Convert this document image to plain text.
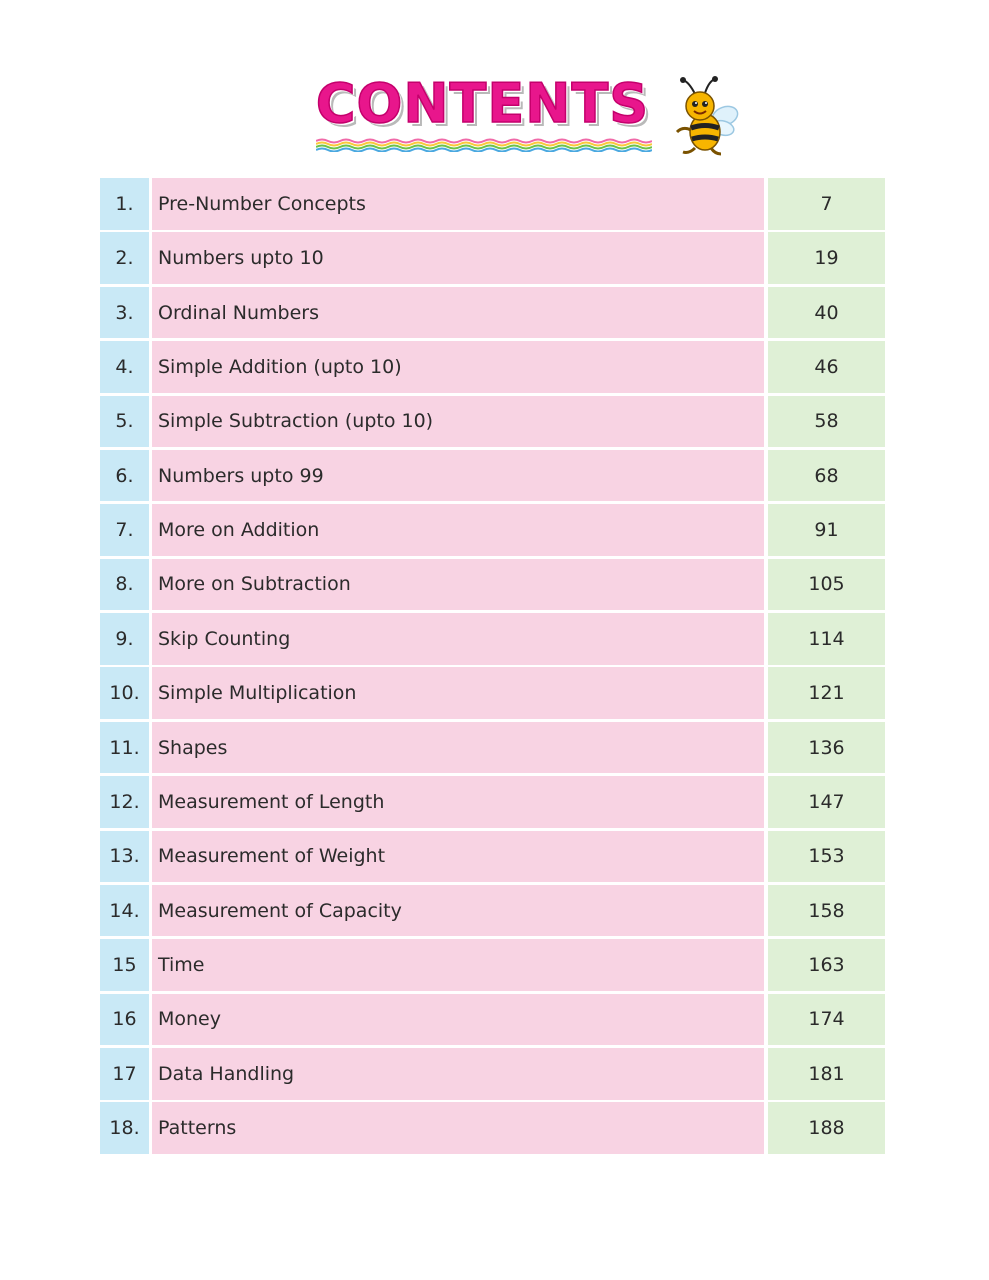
CONTENTS
1.	Pre-Number Concepts	7
2.	Numbers upto 10	19
3.	Ordinal Numbers	40
4.	Simple Addition (upto 10)	46
5.	Simple Subtraction (upto 10)	58
6.	Numbers upto 99	68
7.	More on Addition	91
8.	More on Subtraction	105
9.	Skip Counting	114
10. Simple Multiplication	121
11. Shapes	136
12. Measurement of Length	147
13. Measurement of Weight	153
14. Measurement of Capacity	158
15	Time	163
16	Money	174
17	Data Handling	181
18. Patterns	188
